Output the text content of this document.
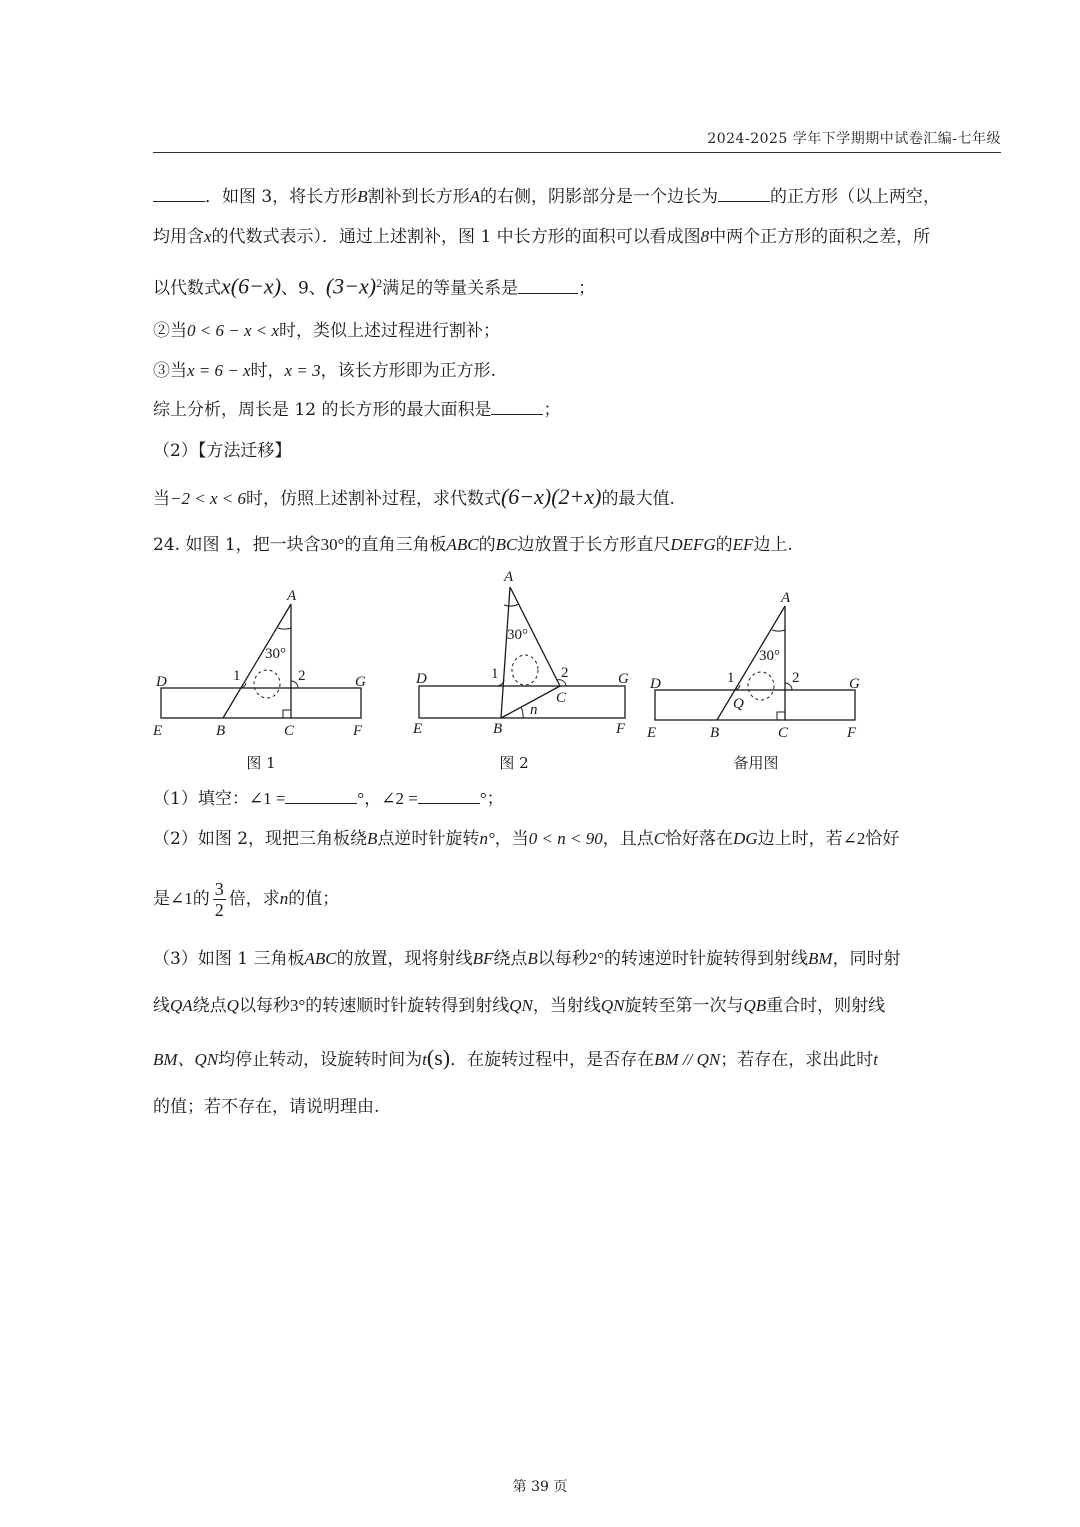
2024-2025 学年下学期期中试卷汇编-七年级
．如图 3，将长方形B割补到长方形A的右侧，阴影部分是一个边长为	的正方形（以上两空，
均用含x的代数式表示）．通过上述割补，图 1 中长方形的面积可以看成图8中两个正方形的面积之差，所
以代数式x(6−x)、9、$(3-x)^2$满足的等量关系是	；
②当0 < 6 − x < x时，类似上述过程进行割补；
③当x = 6 − x时，x = 3，该长方形即为正方形.
综上分析，周长是 12 的长方形的最大面积是	；
（2）【方法迁移】
当−2 < x < 6时，仿照上述割补过程，求代数式(6−x)(2+x)的最大值.
24. 如图 1，把一块含30°的直角三角板ABC的BC边放置于长方形直尺DEFG的EF边上.
A
B	C
D
E	F
G
30°
1	2
图 1
A
B
C
D
E	F
G
30°
1	2
n
图 2
A
B	C
D
E	F
G
30°
1	2
Q
备用图
（1）填空：∠1 =	°，∠2 =	°；
（2）如图 2，现把三角板绕B点逆时针旋转n°，当0 < n < 90，且点C恰好落在DG边上时，若∠2恰好
是∠1的 $\frac{3}{2}$ 倍，求n的值；
（3）如图 1 三角板ABC的放置，现将射线BF绕点B以每秒2°的转速逆时针旋转得到射线BM，同时射
线QA绕点Q以每秒3°的转速顺时针旋转得到射线QN，当射线QN旋转至第一次与QB重合时，则射线
BM、QN均停止转动，设旋转时间为t(s)．在旋转过程中，是否存在BM // QN；若存在，求出此时t
的值；若不存在，请说明理由.
第 39 页
